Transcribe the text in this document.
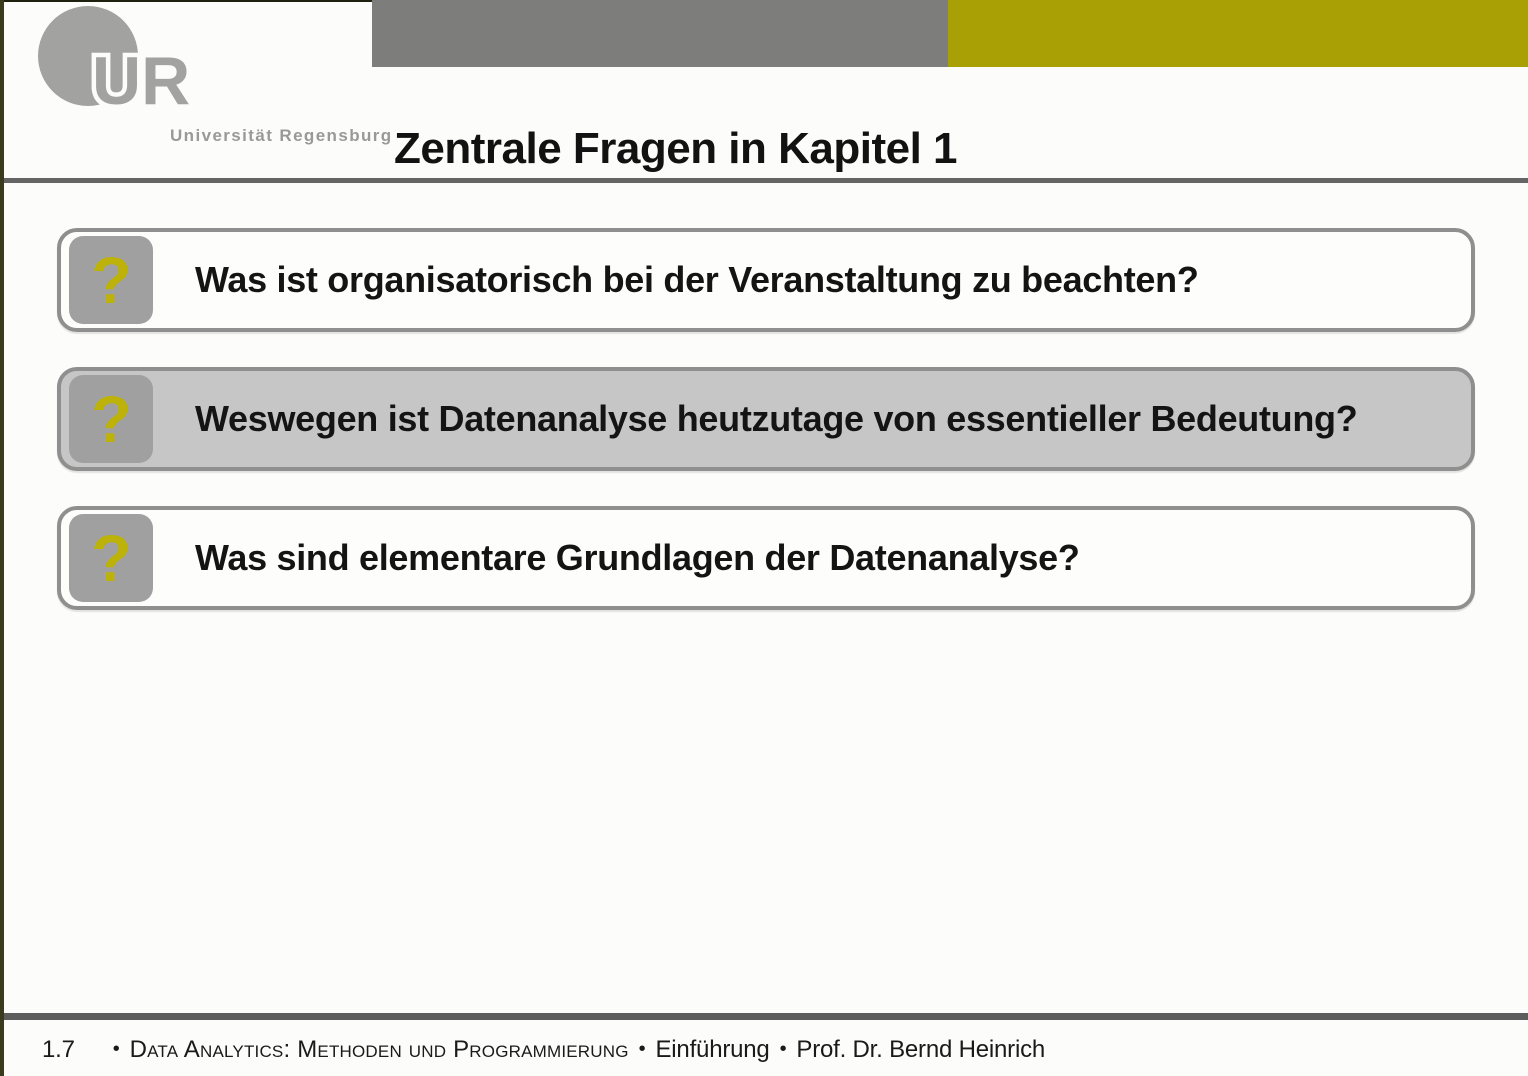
UR
Universität Regensburg Zentrale Fragen in Kapitel 1
?	Was ist organisatorisch bei der Veranstaltung zu beachten?
?	Weswegen ist Datenanalyse heutzutage von essentieller Bedeutung?
?	Was sind elementare Grundlagen der Datenanalyse?
1.7 • Data Analytics: Methoden und Programmierung • Einführung • Prof. Dr. Bernd Heinrich
